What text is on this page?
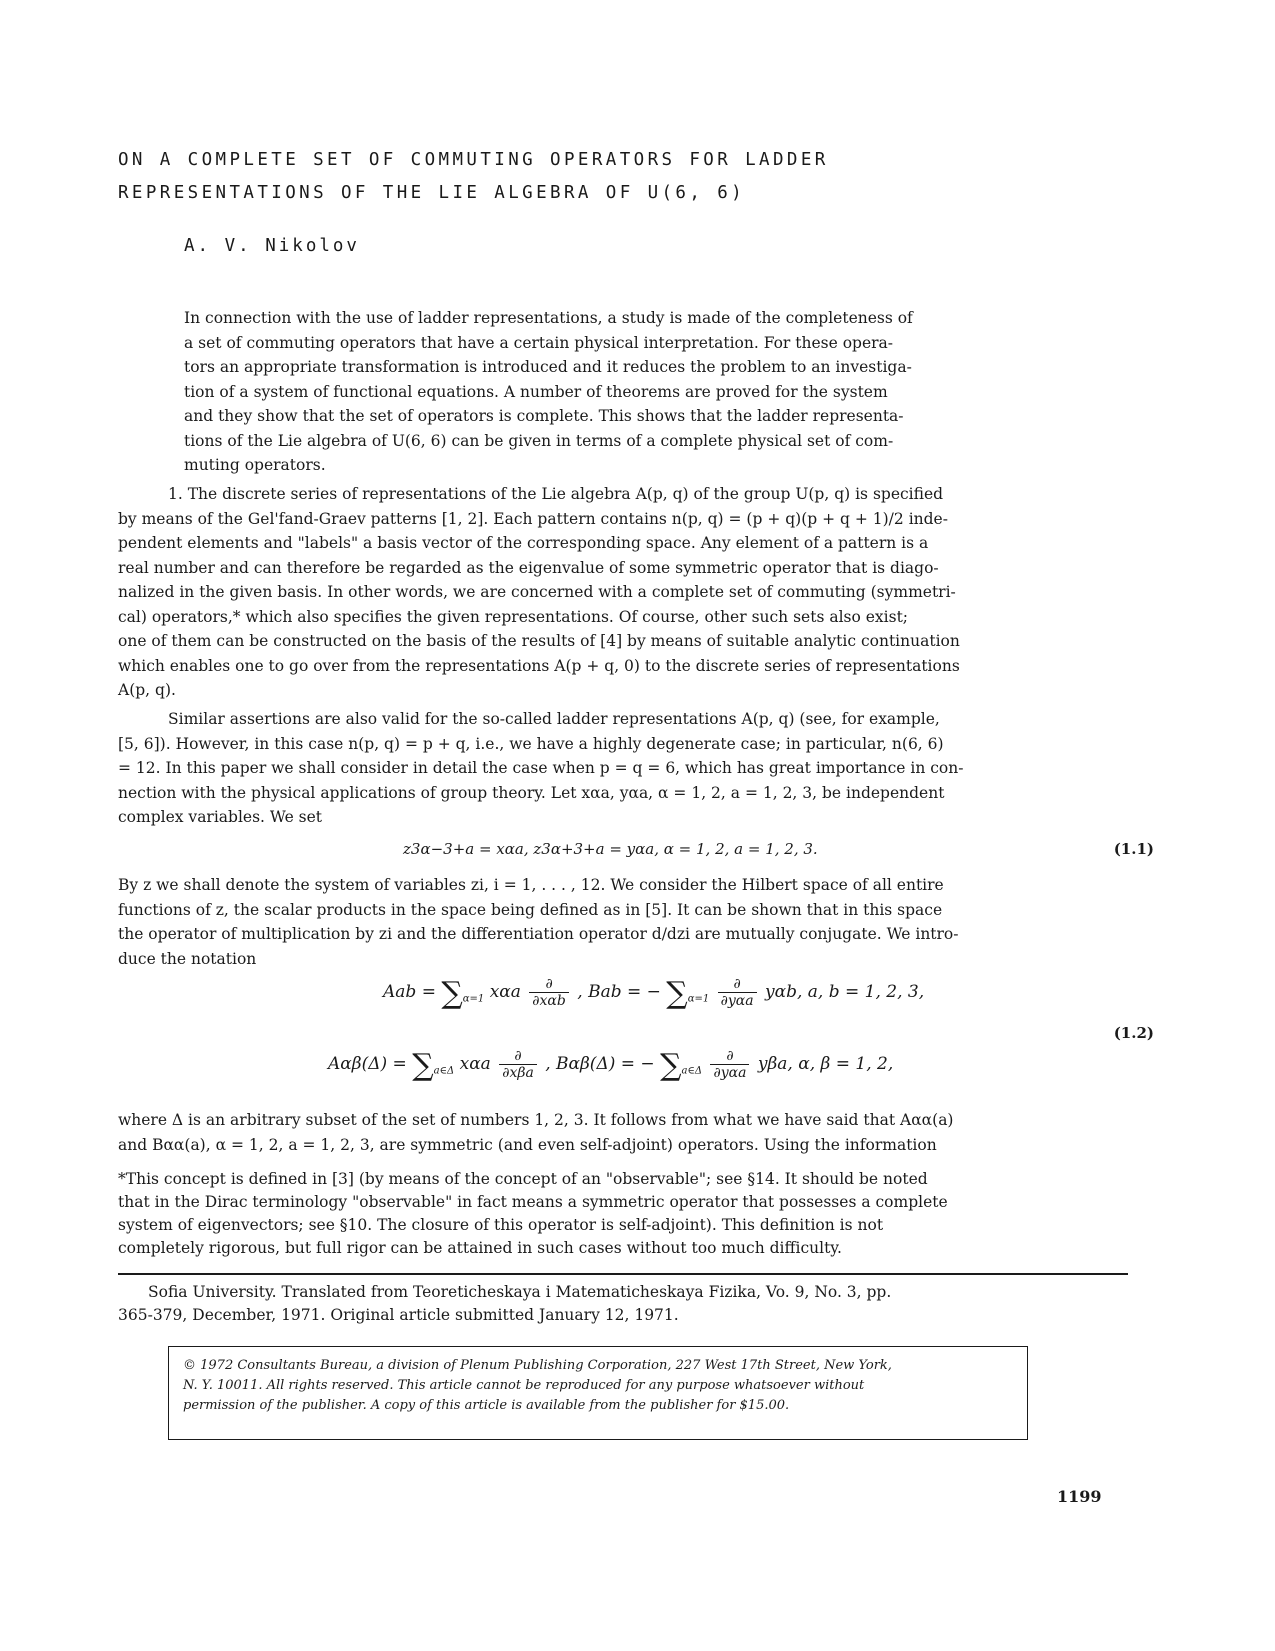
ON A COMPLETE SET OF COMMUTING OPERATORS FOR LADDER
REPRESENTATIONS OF THE LIE ALGEBRA OF U(6, 6)
A. V. Nikolov
In connection with the use of ladder representations, a study is made of the completeness of
a set of commuting operators that have a certain physical interpretation. For these opera-
tors an appropriate transformation is introduced and it reduces the problem to an investiga-
tion of a system of functional equations. A number of theorems are proved for the system
and they show that the set of operators is complete. This shows that the ladder representa-
tions of the Lie algebra of U(6, 6) can be given in terms of a complete physical set of com-
muting operators.
1. The discrete series of representations of the Lie algebra A(p, q) of the group U(p, q) is specified
by means of the Gel'fand-Graev patterns [1, 2]. Each pattern contains n(p, q) = (p + q)(p + q + 1)/2 inde-
pendent elements and "labels" a basis vector of the corresponding space. Any element of a pattern is a
real number and can therefore be regarded as the eigenvalue of some symmetric operator that is diago-
nalized in the given basis. In other words, we are concerned with a complete set of commuting (symmetri-
cal) operators,* which also specifies the given representations. Of course, other such sets also exist;
one of them can be constructed on the basis of the results of [4] by means of suitable analytic continuation
which enables one to go over from the representations A(p + q, 0) to the discrete series of representations
A(p, q).
Similar assertions are also valid for the so-called ladder representations A(p, q) (see, for example,
[5, 6]). However, in this case n(p, q) = p + q, i.e., we have a highly degenerate case; in particular, n(6, 6)
= 12. In this paper we shall consider in detail the case when p = q = 6, which has great importance in con-
nection with the physical applications of group theory. Let xαa, yαa, α = 1, 2, a = 1, 2, 3, be independent
complex variables. We set
z3α−3+a = xαa, z3α+3+a = yαa, α = 1, 2, a = 1, 2, 3.	(1.1)
By z we shall denote the system of variables zi, i = 1, . . . , 12. We consider the Hilbert space of all entire
functions of z, the scalar products in the space being defined as in [5]. It can be shown that in this space
the operator of multiplication by zi and the differentiation operator d/dzi are mutually conjugate. We intro-
duce the notation
Aab = $\sum_{\alpha=1}$ xαa $\frac{\partial}{\text{∂xαb}}$ , Bab = − $\sum_{\alpha=1} \frac{\partial}{\text{∂yαa}} y\alpha b$, a, b = 1, 2, 3,
$A\alpha\beta(\Delta) = \sum_{a\in\Delta}$ xαa $\frac{\partial}{\text{∂xβa}}$ , Bαβ(Δ) = − $\sum_{a\in\Delta} \frac{\partial}{\text{∂yαa}} y\beta a$, α, β = 1, 2,
(1.2)
where Δ is an arbitrary subset of the set of numbers 1, 2, 3. It follows from what we have said that Aαα(a)
and Bαα(a), α = 1, 2, a = 1, 2, 3, are symmetric (and even self-adjoint) operators. Using the information
*This concept is defined in [3] (by means of the concept of an "observable"; see §14. It should be noted
that in the Dirac terminology "observable" in fact means a symmetric operator that possesses a complete
system of eigenvectors; see §10. The closure of this operator is self-adjoint). This definition is not
completely rigorous, but full rigor can be attained in such cases without too much difficulty.
Sofia University. Translated from Teoreticheskaya i Matematicheskaya Fizika, Vo. 9, No. 3, pp.
365-379, December, 1971. Original article submitted January 12, 1971.
© 1972 Consultants Bureau, a division of Plenum Publishing Corporation, 227 West 17th Street, New York,
N. Y. 10011. All rights reserved. This article cannot be reproduced for any purpose whatsoever without
permission of the publisher. A copy of this article is available from the publisher for $15.00.
1199
